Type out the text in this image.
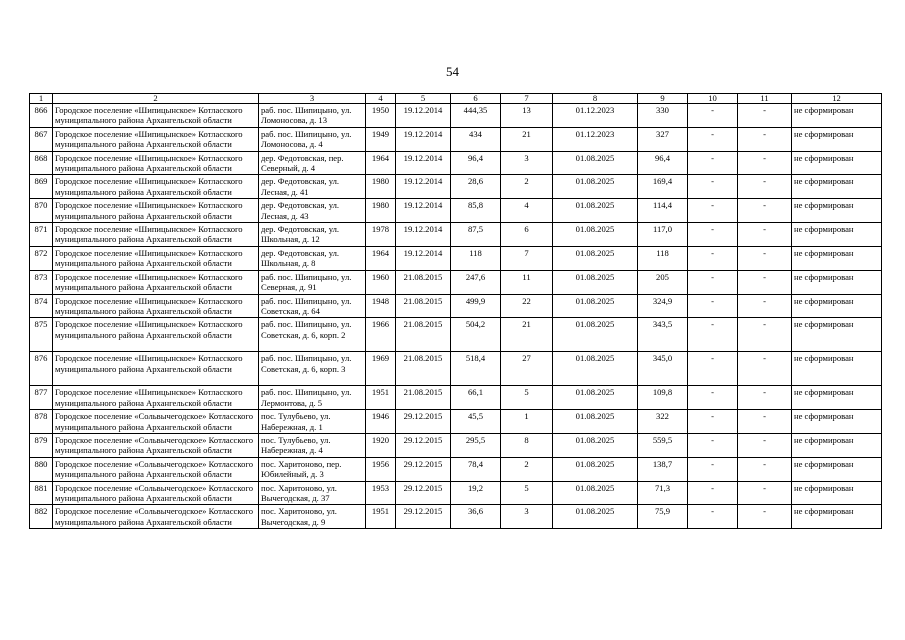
54
1	2	3	4	5	6	7	8	9	10	11	12
866	Городское поселение «Шипицынское» Котласского муниципального района Архангельской области	раб. пос. Шипицыно, ул. Ломоносова, д. 13	1950	19.12.2014	444,35	13	01.12.2023	330	-	-	не сформирован
867	Городское поселение «Шипицынское» Котласского муниципального района Архангельской области	раб. пос. Шипицыно, ул. Ломоносова, д. 4	1949	19.12.2014	434	21	01.12.2023	327	-	-	не сформирован
868	Городское поселение «Шипицынское» Котласского муниципального района Архангельской области	дер. Федотовская, пер. Северный, д. 4	1964	19.12.2014	96,4	3	01.08.2025	96,4	-	-	не сформирован
869	Городское поселение «Шипицынское» Котласского муниципального района Архангельской области	дер. Федотовская, ул. Лесная, д. 41	1980	19.12.2014	28,6	2	01.08.2025	169,4	-	-	не сформирован
870	Городское поселение «Шипицынское» Котласского муниципального района Архангельской области	дер. Федотовская, ул. Лесная, д. 43	1980	19.12.2014	85,8	4	01.08.2025	114,4	-	-	не сформирован
871	Городское поселение «Шипицынское» Котласского муниципального района Архангельской области	дер. Федотовская, ул. Школьная, д. 12	1978	19.12.2014	87,5	6	01.08.2025	117,0	-	-	не сформирован
872	Городское поселение «Шипицынское» Котласского муниципального района Архангельской области	дер. Федотовская, ул. Школьная, д. 8	1964	19.12.2014	118	7	01.08.2025	118	-	-	не сформирован
873	Городское поселение «Шипицынское» Котласского муниципального района Архангельской области	раб. пос. Шипицыно, ул. Северная, д. 91	1960	21.08.2015	247,6	11	01.08.2025	205	-	-	не сформирован
874	Городское поселение «Шипицынское» Котласского муниципального района Архангельской области	раб. пос. Шипицыно, ул. Советская, д. 64	1948	21.08.2015	499,9	22	01.08.2025	324,9	-	-	не сформирован
875	Городское поселение «Шипицынское» Котласского муниципального района Архангельской области	раб. пос. Шипицыно, ул. Советская, д. 6, корп. 2	1966	21.08.2015	504,2	21	01.08.2025	343,5	-	-	не сформирован
876	Городское поселение «Шипицынское» Котласского муниципального района Архангельской области	раб. пос. Шипицыно, ул. Советская, д. 6, корп. 3	1969	21.08.2015	518,4	27	01.08.2025	345,0	-	-	не сформирован
877	Городское поселение «Шипицынское» Котласского муниципального района Архангельской области	раб. пос. Шипицыно, ул. Лермонтова, д. 5	1951	21.08.2015	66,1	5	01.08.2025	109,8	-	-	не сформирован
878	Городское поселение «Сольвычегодское» Котласского муниципального района Архангельской области	пос. Тулубьево, ул. Набережная, д. 1	1946	29.12.2015	45,5	1	01.08.2025	322	-	-	не сформирован
879	Городское поселение «Сольвычегодское» Котласского муниципального района Архангельской области	пос. Тулубьево, ул. Набережная, д. 4	1920	29.12.2015	295,5	8	01.08.2025	559,5	-	-	не сформирован
880	Городское поселение «Сольвычегодское» Котласского муниципального района Архангельской области	пос. Харитоново, пер. Юбилейный, д. 3	1956	29.12.2015	78,4	2	01.08.2025	138,7	-	-	не сформирован
881	Городское поселение «Сольвычегодское» Котласского муниципального района Архангельской области	пос. Харитоново, ул. Вычегодская, д. 37	1953	29.12.2015	19,2	5	01.08.2025	71,3	-	-	не сформирован
882	Городское поселение «Сольвычегодское» Котласского муниципального района Архангельской области	пос. Харитоново, ул. Вычегодская, д. 9	1951	29.12.2015	36,6	3	01.08.2025	75,9	-	-	не сформирован
